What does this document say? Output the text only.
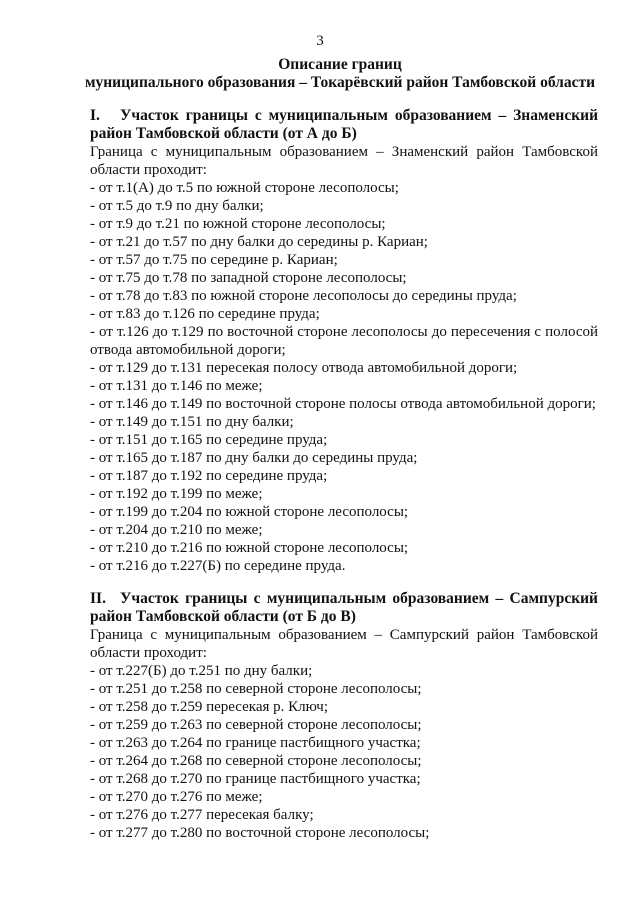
3
Описание границ
муниципального образования – Токарёвский район Тамбовской области
I. Участок границы с муниципальным образованием – Знаменский район Тамбовской области (от А до Б)
Граница с муниципальным образованием – Знаменский район Тамбовской области проходит:
- от т.1(А) до т.5 по южной стороне лесополосы;
- от т.5 до т.9 по дну балки;
- от т.9 до т.21 по южной стороне лесополосы;
- от т.21 до т.57 по дну балки до середины р. Кариан;
- от т.57 до т.75 по середине р. Кариан;
- от т.75 до т.78 по западной стороне лесополосы;
- от т.78 до т.83 по южной стороне лесополосы до середины пруда;
- от т.83 до т.126 по середине пруда;
- от т.126 до т.129 по восточной стороне лесополосы до пересечения с полосой отвода автомобильной дороги;
- от т.129 до т.131 пересекая полосу отвода автомобильной дороги;
- от т.131 до т.146 по меже;
- от т.146 до т.149 по восточной стороне полосы отвода автомобильной дороги;
- от т.149 до т.151 по дну балки;
- от т.151 до т.165 по середине пруда;
- от т.165 до т.187 по дну балки до середины пруда;
- от т.187 до т.192 по середине пруда;
- от т.192 до т.199 по меже;
- от т.199 до т.204 по южной стороне лесополосы;
- от т.204 до т.210 по меже;
- от т.210 до т.216 по южной стороне лесополосы;
- от т.216 до т.227(Б) по середине пруда.
II. Участок границы с муниципальным образованием – Сампурский район Тамбовской области (от Б до В)
Граница с муниципальным образованием – Сампурский район Тамбовской области проходит:
- от т.227(Б) до т.251 по дну балки;
- от т.251 до т.258 по северной стороне лесополосы;
- от т.258 до т.259 пересекая р. Ключ;
- от т.259 до т.263 по северной стороне лесополосы;
- от т.263 до т.264 по границе пастбищного участка;
- от т.264 до т.268 по северной стороне лесополосы;
- от т.268 до т.270 по границе пастбищного участка;
- от т.270 до т.276 по меже;
- от т.276 до т.277 пересекая балку;
- от т.277 до т.280 по восточной стороне лесополосы;
